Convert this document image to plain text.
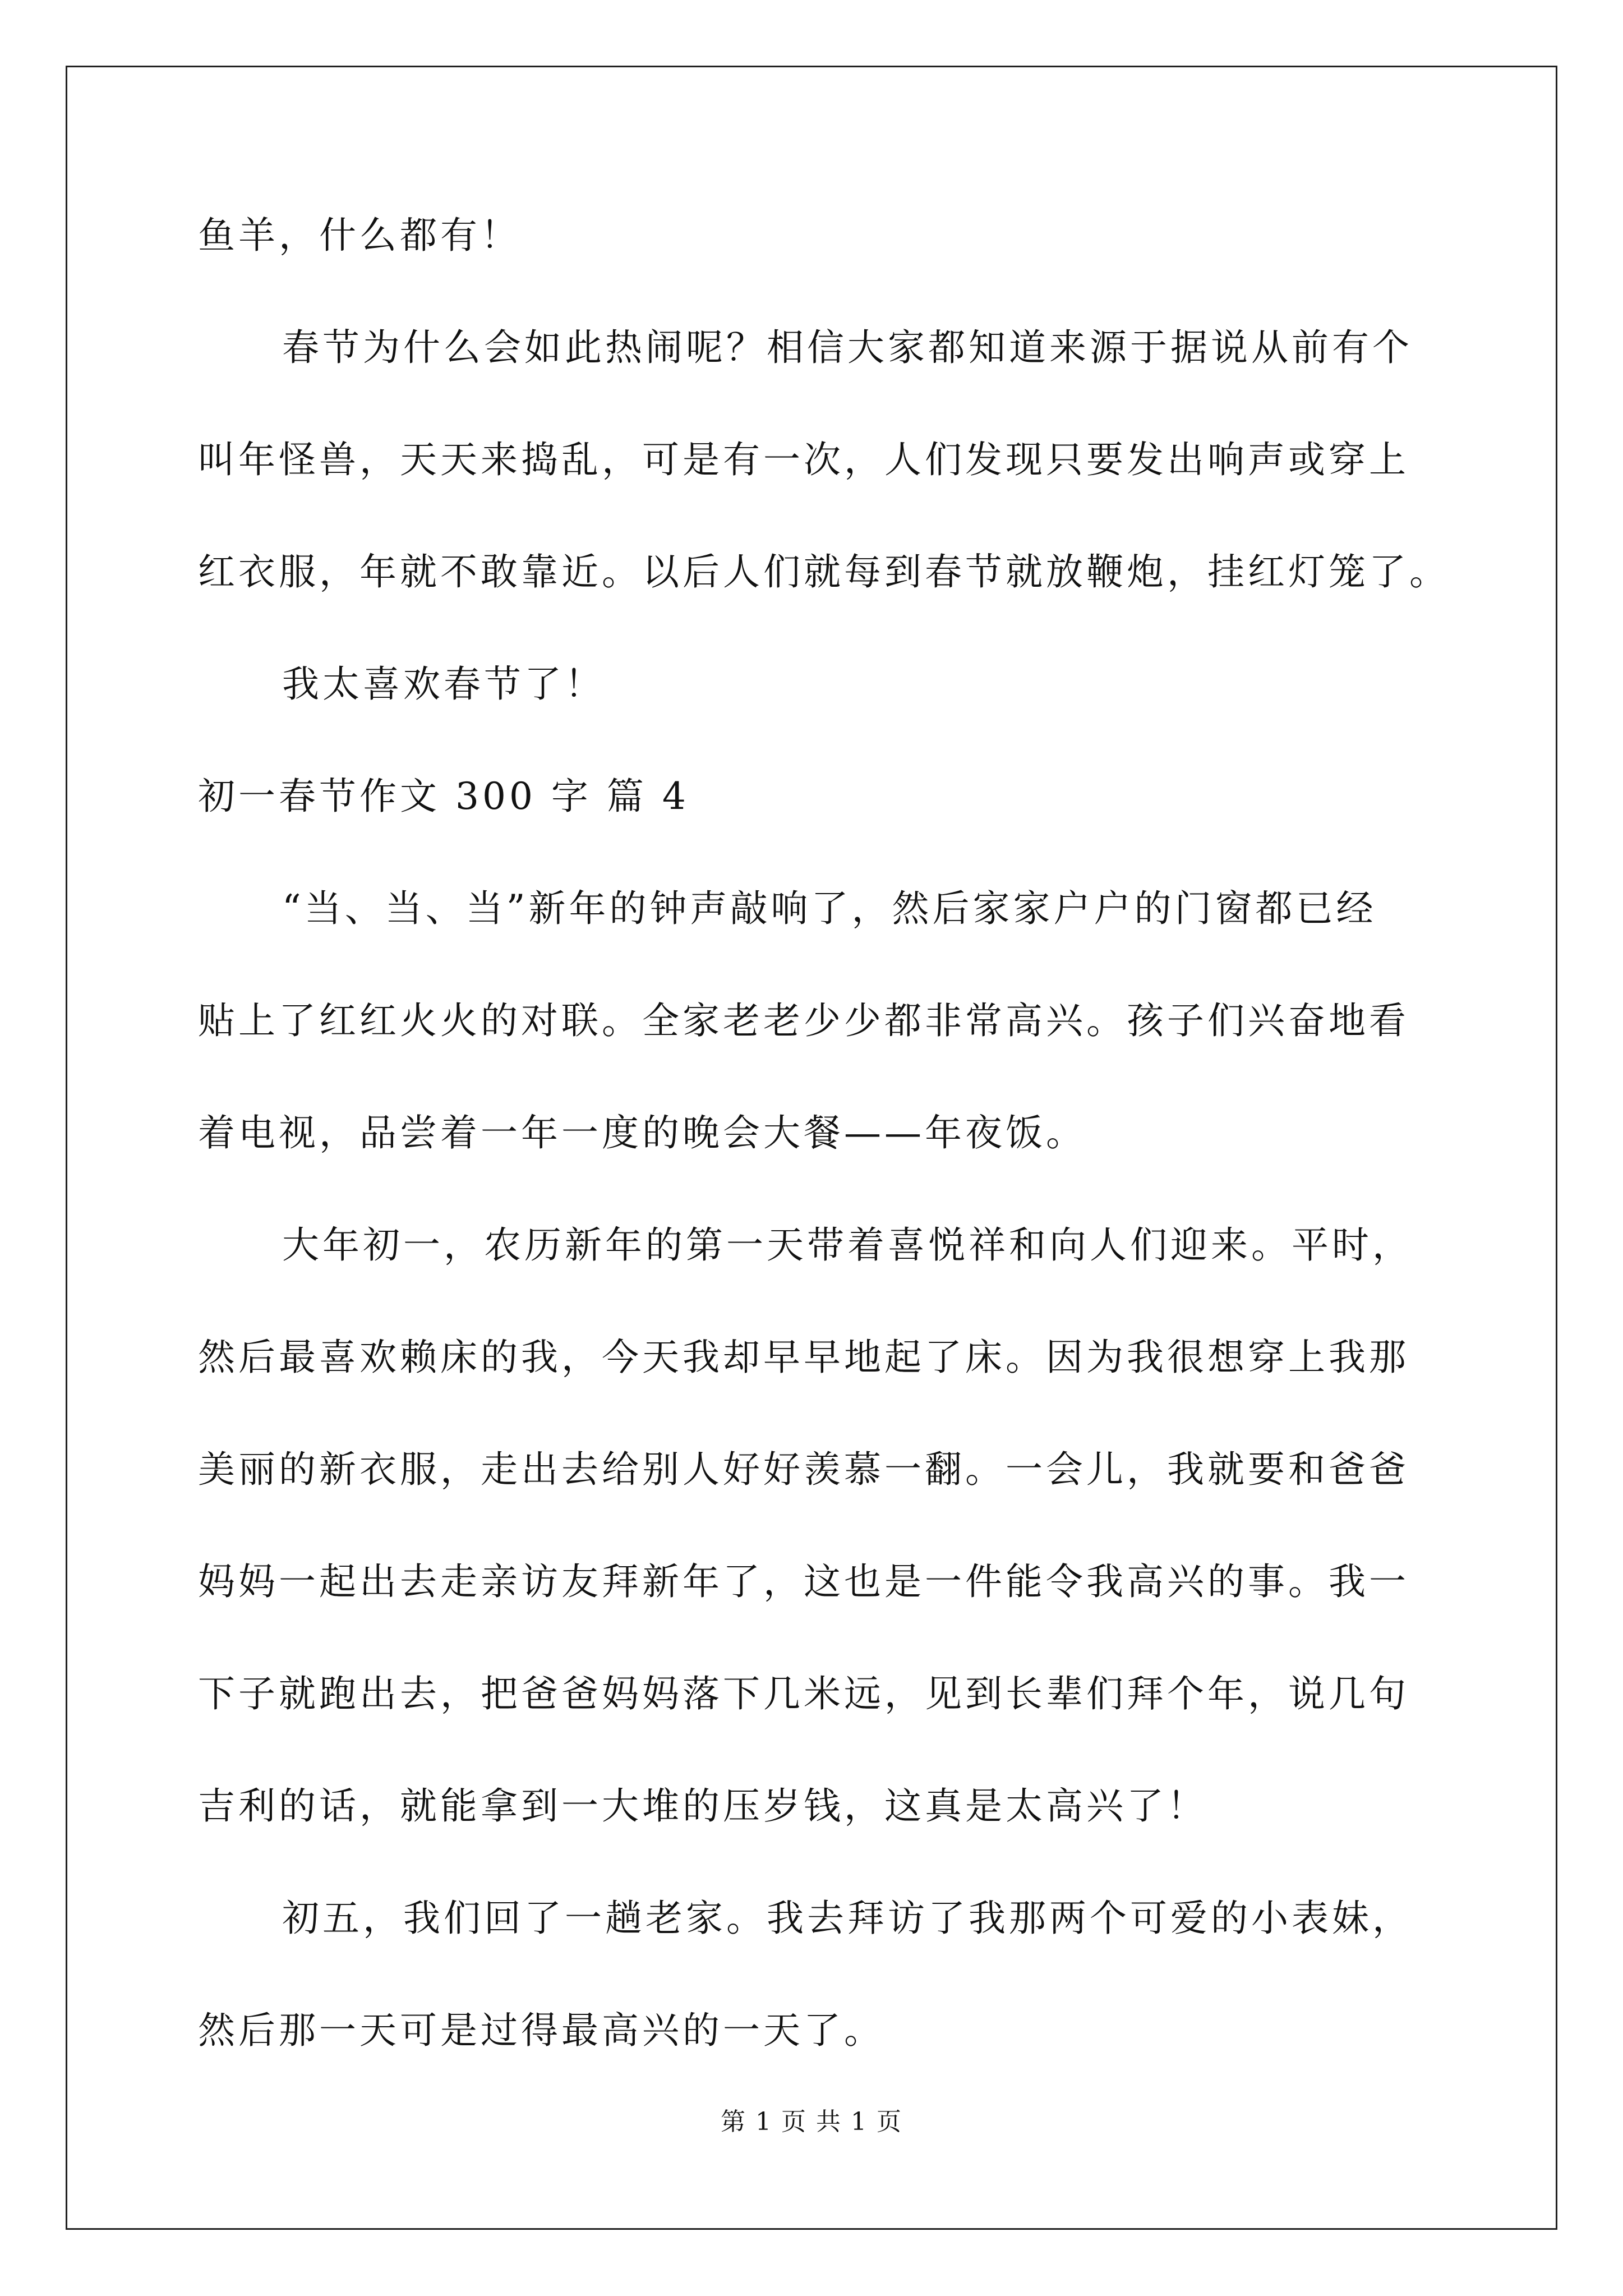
鱼羊，什么都有！
春节为什么会如此热闹呢？相信大家都知道来源于据说从前有个
叫年怪兽，天天来捣乱，可是有一次，人们发现只要发出响声或穿上
红衣服，年就不敢靠近。以后人们就每到春节就放鞭炮，挂红灯笼了。
我太喜欢春节了！
初一春节作文 300 字 篇 4
“当、当、当”新年的钟声敲响了，然后家家户户的门窗都已经
贴上了红红火火的对联。全家老老少少都非常高兴。孩子们兴奋地看
着电视，品尝着一年一度的晚会大餐——年夜饭。
大年初一，农历新年的第一天带着喜悦祥和向人们迎来。平时，
然后最喜欢赖床的我，今天我却早早地起了床。因为我很想穿上我那
美丽的新衣服，走出去给别人好好羡慕一翻。一会儿，我就要和爸爸
妈妈一起出去走亲访友拜新年了，这也是一件能令我高兴的事。我一
下子就跑出去，把爸爸妈妈落下几米远，见到长辈们拜个年，说几句
吉利的话，就能拿到一大堆的压岁钱，这真是太高兴了！
初五，我们回了一趟老家。我去拜访了我那两个可爱的小表妹，
然后那一天可是过得最高兴的一天了。
第 1 页 共 1 页
